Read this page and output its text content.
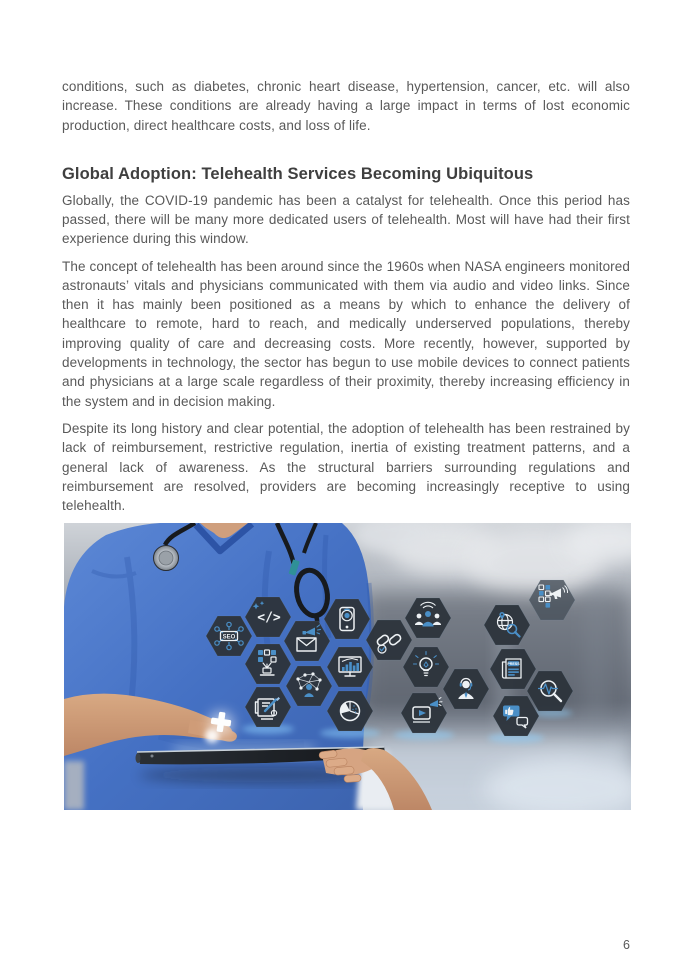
conditions, such as diabetes, chronic heart disease, hypertension, cancer, etc. will also increase. These conditions are already having a large impact in terms of lost economic production, direct healthcare costs, and loss of life.

Global Adoption: Telehealth Services Becoming Ubiquitous

Globally, the COVID-19 pandemic has been a catalyst for telehealth. Once this period has passed, there will be many more dedicated users of telehealth. Most will have had their first experience during this window.

The concept of telehealth has been around since the 1960s when NASA engineers monitored astronauts’ vitals and physicians communicated with them via audio and video links. Since then it has mainly been positioned as a means by which to enhance the delivery of healthcare to remote, hard to reach, and medically underserved populations, thereby improving quality of care and decreasing costs. More recently, however, supported by developments in technology, the sector has begun to use mobile devices to connect patients and physicians at a large scale regardless of their proximity, thereby increasing efficiency in the system and in decision making.

Despite its long history and clear potential, the adoption of telehealth has been restrained by lack of reimbursement, restrictive regulation, inertia of existing treatment patterns, and a general lack of awareness. As the structural barriers surrounding regulations and reimbursement are resolved, providers are becoming increasingly receptive to using telehealth.

6
